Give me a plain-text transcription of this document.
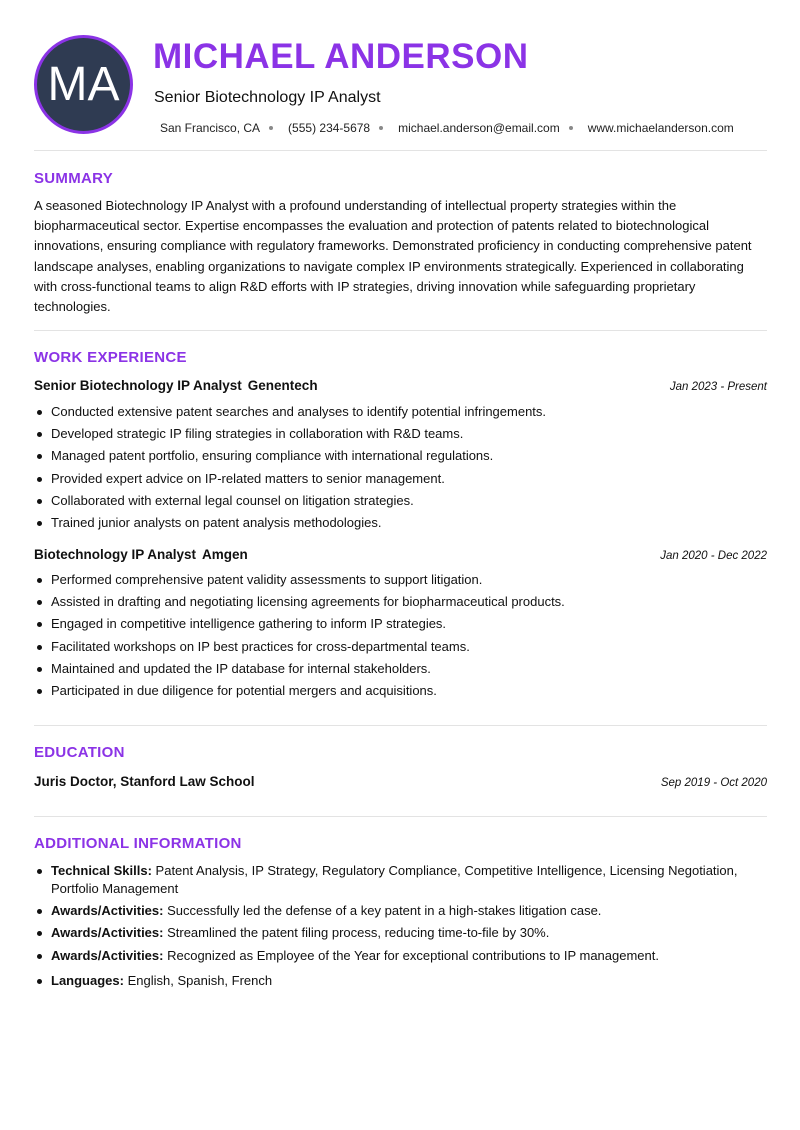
MA
MICHAEL ANDERSON
Senior Biotechnology IP Analyst
San Francisco, CA (555) 234-5678 michael.anderson@email.com www.michaelanderson.com
SUMMARY

A seasoned Biotechnology IP Analyst with a profound understanding of intellectual property strategies within the biopharmaceutical sector. Expertise encompasses the evaluation and protection of patents related to biotechnological innovations, ensuring compliance with regulatory frameworks. Demonstrated proficiency in conducting comprehensive patent landscape analyses, enabling organizations to navigate complex IP environments strategically. Experienced in collaborating with cross-functional teams to align R&D efforts with IP strategies, driving innovation while safeguarding proprietary technologies.

WORK EXPERIENCE
Senior Biotechnology IP Analyst Genentech	Jan 2023 - Present
Conducted extensive patent searches and analyses to identify potential infringements.
Developed strategic IP filing strategies in collaboration with R&D teams.
Managed patent portfolio, ensuring compliance with international regulations.
Provided expert advice on IP-related matters to senior management.
Collaborated with external legal counsel on litigation strategies.
Trained junior analysts on patent analysis methodologies.
Biotechnology IP Analyst Amgen	Jan 2020 - Dec 2022
Performed comprehensive patent validity assessments to support litigation.
Assisted in drafting and negotiating licensing agreements for biopharmaceutical products.
Engaged in competitive intelligence gathering to inform IP strategies.
Facilitated workshops on IP best practices for cross-departmental teams.
Maintained and updated the IP database for internal stakeholders.
Participated in due diligence for potential mergers and acquisitions.
EDUCATION
Juris Doctor, Stanford Law School	Sep 2019 - Oct 2020
ADDITIONAL INFORMATION
Technical Skills: Patent Analysis, IP Strategy, Regulatory Compliance, Competitive Intelligence, Licensing Negotiation, Portfolio Management
Awards/Activities: Successfully led the defense of a key patent in a high-stakes litigation case.
Awards/Activities: Streamlined the patent filing process, reducing time-to-file by 30%.
Awards/Activities: Recognized as Employee of the Year for exceptional contributions to IP management.
Languages: English, Spanish, French
